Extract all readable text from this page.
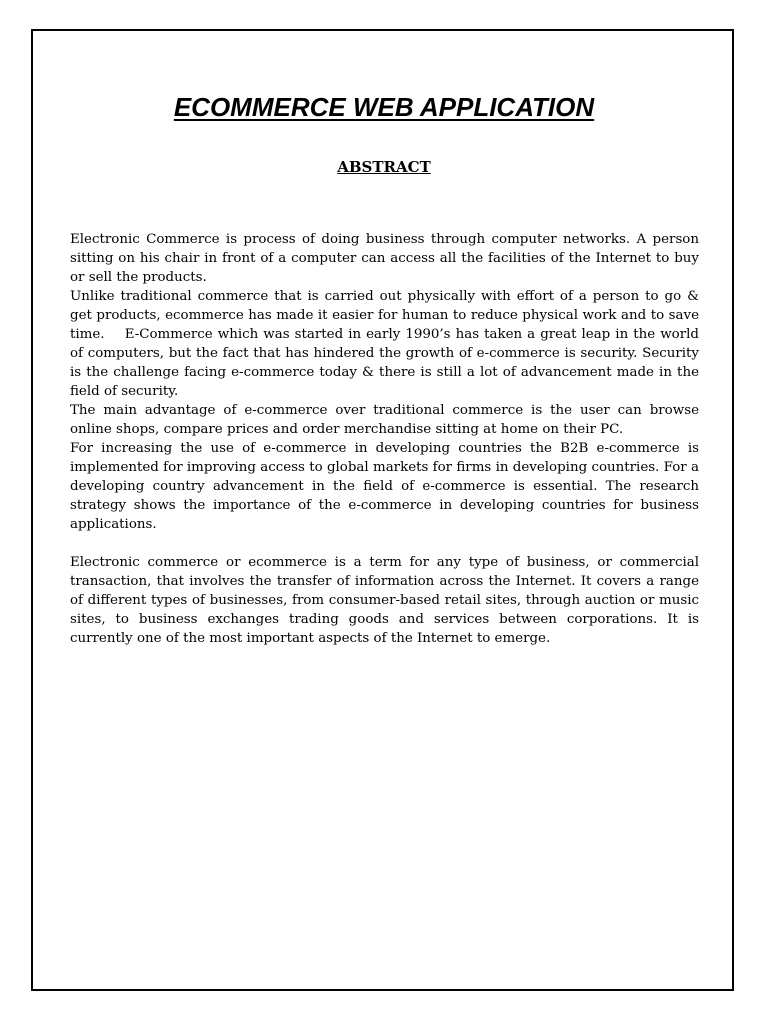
ECOMMERCE WEB APPLICATION
ABSTRACT

Electronic Commerce is process of doing business through computer networks. A person sitting on his chair in front of a computer can access all the facilities of the Internet to buy or sell the products.

Unlike traditional commerce that is carried out physically with effort of a person to go & get products, ecommerce has made it easier for human to reduce physical work and to save time.    E-Commerce which was started in early 1990’s has taken a great leap in the world of computers, but the fact that has hindered the growth of e-commerce is security. Security is the challenge facing e-commerce today & there is still a lot of advancement made in the field of security.

The main advantage of e-commerce over traditional commerce is the user can browse online shops, compare prices and order merchandise sitting at home on their PC.

For increasing the use of e-commerce in developing countries the B2B e-commerce is implemented for improving access to global markets for firms in developing countries. For a developing country advancement in the field of e-commerce is essential. The research strategy shows the importance of the e-commerce in developing countries for business applications.

Electronic commerce or ecommerce is a term for any type of business, or commercial transaction, that involves the transfer of information across the Internet. It covers a range of different types of businesses, from consumer-based retail sites, through auction or music sites, to business exchanges trading goods and services between corporations. It is currently one of the most important aspects of the Internet to emerge.
